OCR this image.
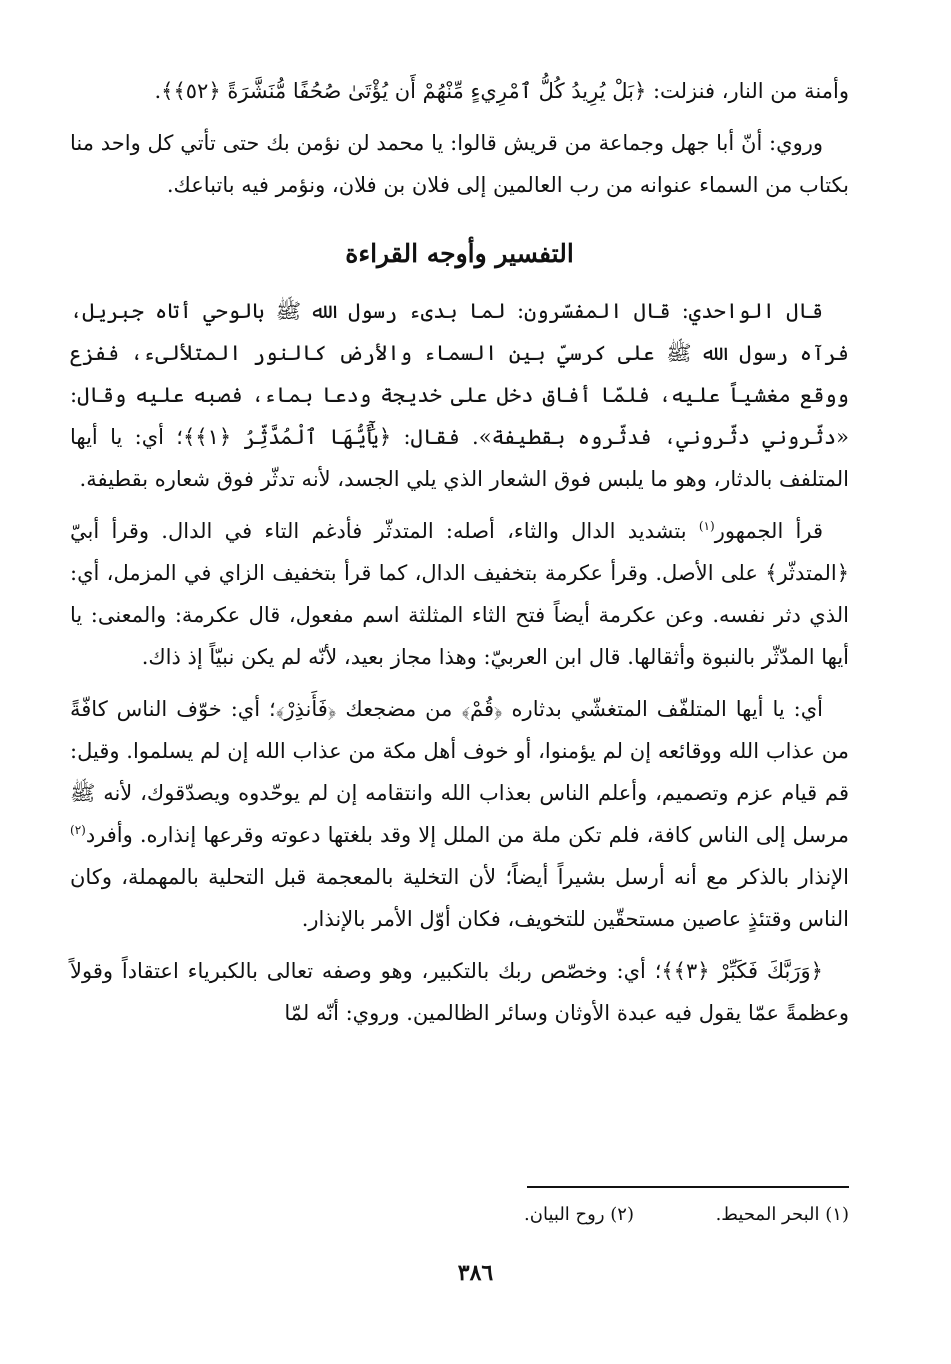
وأمنة من النار، فنزلت: ﴿بَلْ يُرِيدُ كُلُّ ٱمْرِيءٍ مِّنْهُمْ أَن يُؤْتَىٰ صُحُفًا مُّنَشَّرَةً ﴿٥٢﴾﴾.

وروي: أنّ أبا جهل وجماعة من قريش قالوا: يا محمد لن نؤمن بك حتى تأتي كل واحد منا بكتاب من السماء عنوانه من رب العالمين إلى فلان بن فلان، ونؤمر فيه باتباعك.

التفسير وأوجه القراءة

قال الواحدي: قال المفسّرون: لما بدىء رسول الله ﷺ بالوحي أتاه جبريل، فرآه رسول الله ﷺ على كرسيّ بين السماء والأرض كالنور المتلألىء، ففزع ووقع مغشياً عليه، فلمّا أفاق دخل على خديجة ودعا بماء، فصبه عليه وقال: «دثّروني دثّروني، فدثّروه بقطيفة». فقال: ﴿يَٰٓأَيُّهَا ٱلْمُدَّثِّرُ ﴿١﴾﴾؛ أي: يا أيها المتلفف بالدثار، وهو ما يلبس فوق الشعار الذي يلي الجسد، لأنه تدثّر فوق شعاره بقطيفة.

قرأ الجمهور$^{(١)}$ بتشديد الدال والثاء، أصله: المتدثّر فأدغم التاء في الدال. وقرأ أبيّ ﴿المتدثّر﴾ على الأصل. وقرأ عكرمة بتخفيف الدال، كما قرأ بتخفيف الزاي في المزمل، أي: الذي دثر نفسه. وعن عكرمة أيضاً فتح الثاء المثلثة اسم مفعول، قال عكرمة: والمعنى: يا أيها المدّثّر بالنبوة وأثقالها. قال ابن العربيّ: وهذا مجاز بعيد، لأنّه لم يكن نبيّاً إذ ذاك.

أي: يا أيها المتلفّف المتغشّي بدثاره ﴿قُمْ﴾ من مضجعك ﴿فَأَنذِرْ﴾؛ أي: خوّف الناس كافّةً من عذاب الله ووقائعه إن لم يؤمنوا، أو خوف أهل مكة من عذاب الله إن لم يسلموا. وقيل: قم قيام عزم وتصميم، وأعلم الناس بعذاب الله وانتقامه إن لم يوحّدوه ويصدّقوك، لأنه ﷺ مرسل إلى الناس كافة، فلم تكن ملة من الملل إلا وقد بلغتها دعوته وقرعها إنذاره. وأفرد$^{(٢)}$ الإنذار بالذكر مع أنه أرسل بشيراً أيضاً؛ لأن التخلية بالمعجمة قبل التحلية بالمهملة، وكان الناس وقتئذٍ عاصين مستحقّين للتخويف، فكان أوّل الأمر بالإنذار.

﴿وَرَبَّكَ فَكَبِّرْ ﴿٣﴾﴾؛ أي: وخصّص ربك بالتكبير، وهو وصفه تعالى بالكبرياء اعتقاداً وقولاً وعظمةً عمّا يقول فيه عبدة الأوثان وسائر الظالمين. وروي: أنّه لمّا

(١) البحر المحيط.(٢) روح البيان.
٣٨٦
